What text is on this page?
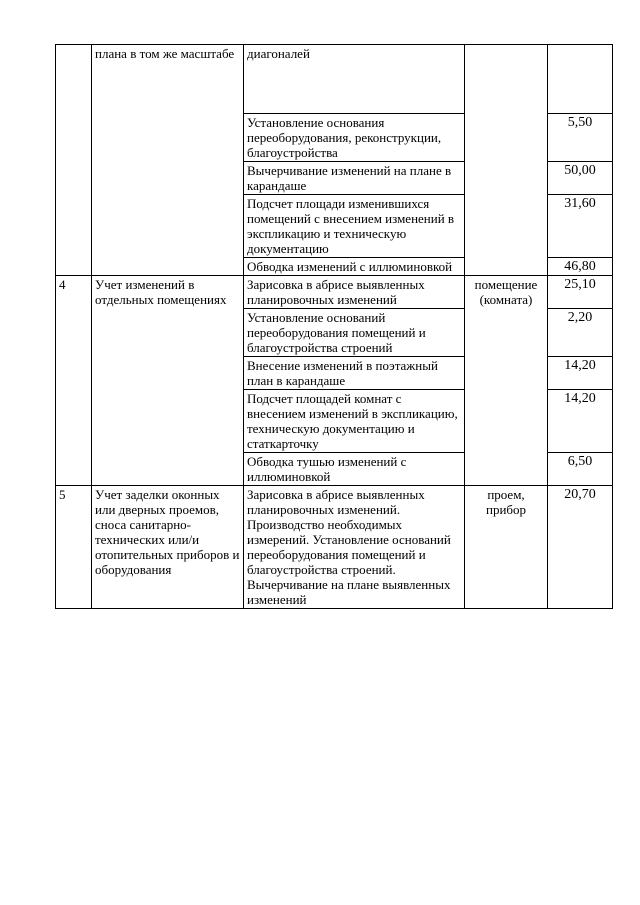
	плана в том же масштабе	диагоналей		
		Установление основания переоборудования, реконструкции, благоустройства		5,50
		Вычерчивание изменений на плане в карандаше		50,00
		Подсчет площади изменившихся помещений с внесением изменений в экспликацию и техническую документацию		31,60
		Обводка изменений с иллюминовкой		46,80
4	Учет изменений в отдельных помещениях	Зарисовка в абрисе выявленных планировочных изменений	помещение (комната)	25,10
		Установление оснований переоборудования помещений и благоустройства строений		2,20
		Внесение изменений в поэтажный план в карандаше		14,20
		Подсчет площадей комнат с внесением изменений в экспликацию, техническую документацию и статкарточку		14,20
		Обводка тушью изменений с иллюминовкой		6,50
5	Учет заделки оконных или дверных проемов, сноса санитарно-технических или/и отопительных приборов и оборудования	Зарисовка в абрисе выявленных планировочных изменений. Производство необходимых измерений. Установление оснований переоборудования помещений и благоустройства строений. Вычерчивание на плане выявленных изменений	проем, прибор	20,70
